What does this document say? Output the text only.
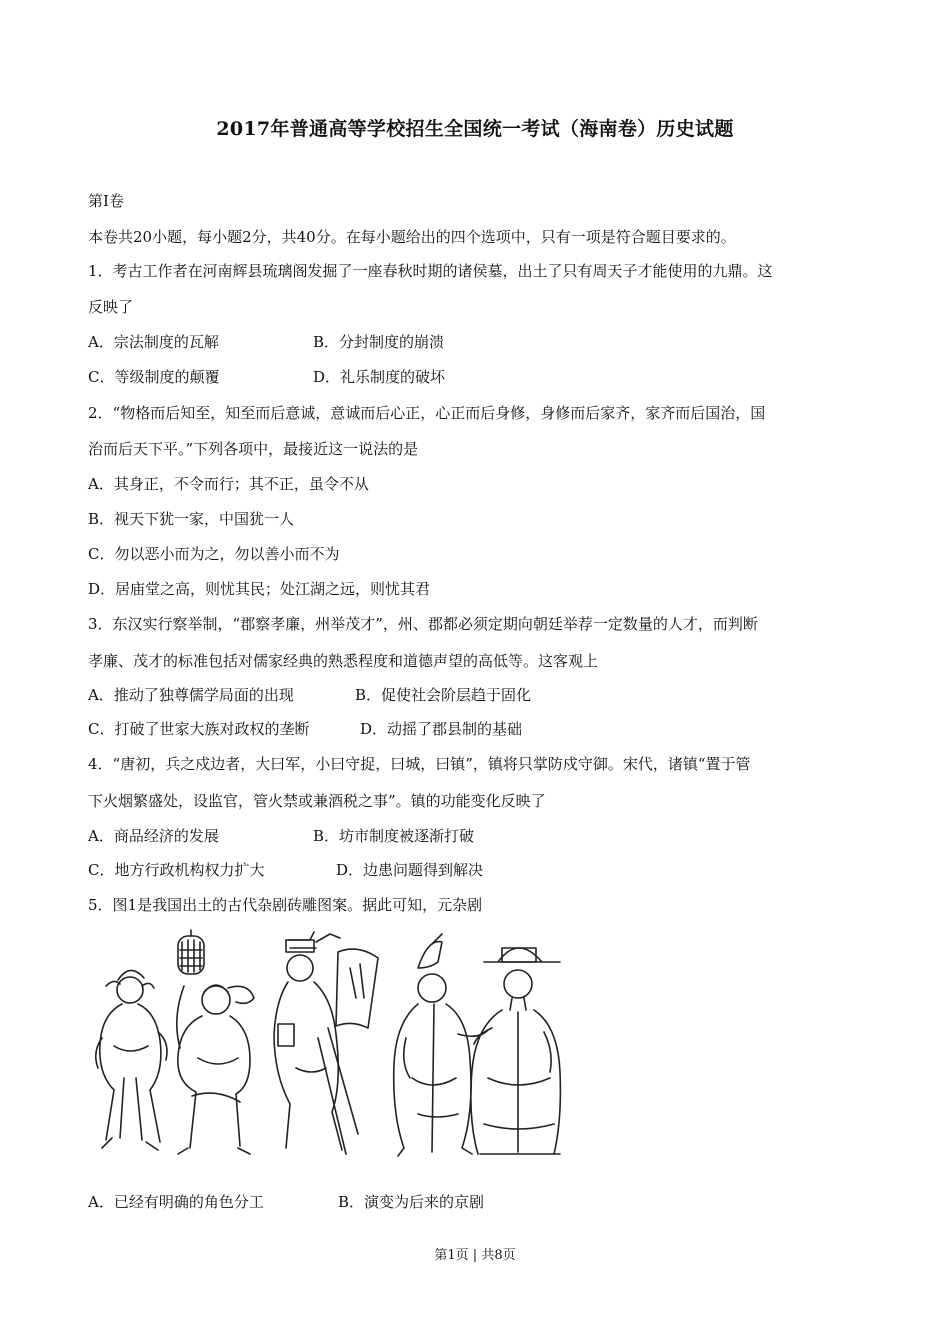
2017年普通高等学校招生全国统一考试（海南卷）历史试题
第Ⅰ卷
本卷共20小题，每小题2分，共40分。在每小题给出的四个选项中，只有一项是符合题目要求的。
1．考古工作者在河南辉县琉璃阁发掘了一座春秋时期的诸侯墓，出土了只有周天子才能使用的九鼎。这
反映了
A．宗法制度的瓦解	B．分封制度的崩溃
C．等级制度的颠覆	D．礼乐制度的破坏
2．“物格而后知至，知至而后意诚，意诚而后心正，心正而后身修，身修而后家齐，家齐而后国治，国
治而后天下平。”下列各项中，最接近这一说法的是
A．其身正，不令而行；其不正，虽令不从
B．视天下犹一家，中国犹一人
C．勿以恶小而为之，勿以善小而不为
D．居庙堂之高，则忧其民；处江湖之远，则忧其君
3．东汉实行察举制，“郡察孝廉，州举茂才”，州、郡都必须定期向朝廷举荐一定数量的人才，而判断
孝廉、茂才的标准包括对儒家经典的熟悉程度和道德声望的高低等。这客观上
A．推动了独尊儒学局面的出现	B．促使社会阶层趋于固化
C．打破了世家大族对政权的垄断	D．动摇了郡县制的基础
4．“唐初，兵之戍边者，大曰军，小曰守捉，曰城，曰镇”，镇将只掌防戍守御。宋代，诸镇“置于管
下火烟繁盛处，设监官，管火禁或兼酒税之事”。镇的功能变化反映了
A．商品经济的发展	B．坊市制度被逐渐打破
C．地方行政机构权力扩大	D．边患问题得到解决
5．图1是我国出土的古代杂剧砖雕图案。据此可知，元杂剧
A．已经有明确的角色分工	B．演变为后来的京剧
第1页 | 共8页
